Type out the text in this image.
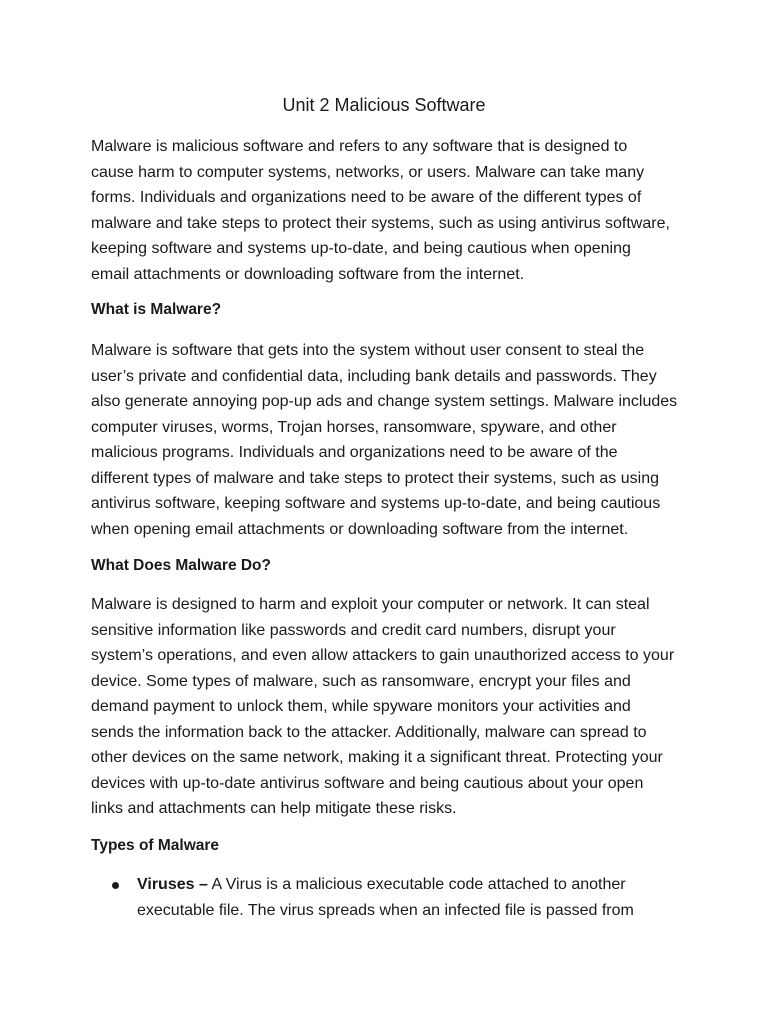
Unit 2 Malicious Software

Malware is malicious software and refers to any software that is designed to
cause harm to computer systems, networks, or users. Malware can take many
forms. Individuals and organizations need to be aware of the different types of
malware and take steps to protect their systems, such as using antivirus software,
keeping software and systems up-to-date, and being cautious when opening
email attachments or downloading software from the internet.

What is Malware?

Malware is software that gets into the system without user consent to steal the
user’s private and confidential data, including bank details and passwords. They
also generate annoying pop-up ads and change system settings. Malware includes
computer viruses, worms, Trojan horses, ransomware, spyware, and other
malicious programs. Individuals and organizations need to be aware of the
different types of malware and take steps to protect their systems, such as using
antivirus software, keeping software and systems up-to-date, and being cautious
when opening email attachments or downloading software from the internet.

What Does Malware Do?

Malware is designed to harm and exploit your computer or network. It can steal
sensitive information like passwords and credit card numbers, disrupt your
system’s operations, and even allow attackers to gain unauthorized access to your
device. Some types of malware, such as ransomware, encrypt your files and
demand payment to unlock them, while spyware monitors your activities and
sends the information back to the attacker. Additionally, malware can spread to
other devices on the same network, making it a significant threat. Protecting your
devices with up-to-date antivirus software and being cautious about your open
links and attachments can help mitigate these risks.

Types of Malware
Viruses – A Virus is a malicious executable code attached to another
executable file. The virus spreads when an infected file is passed from
